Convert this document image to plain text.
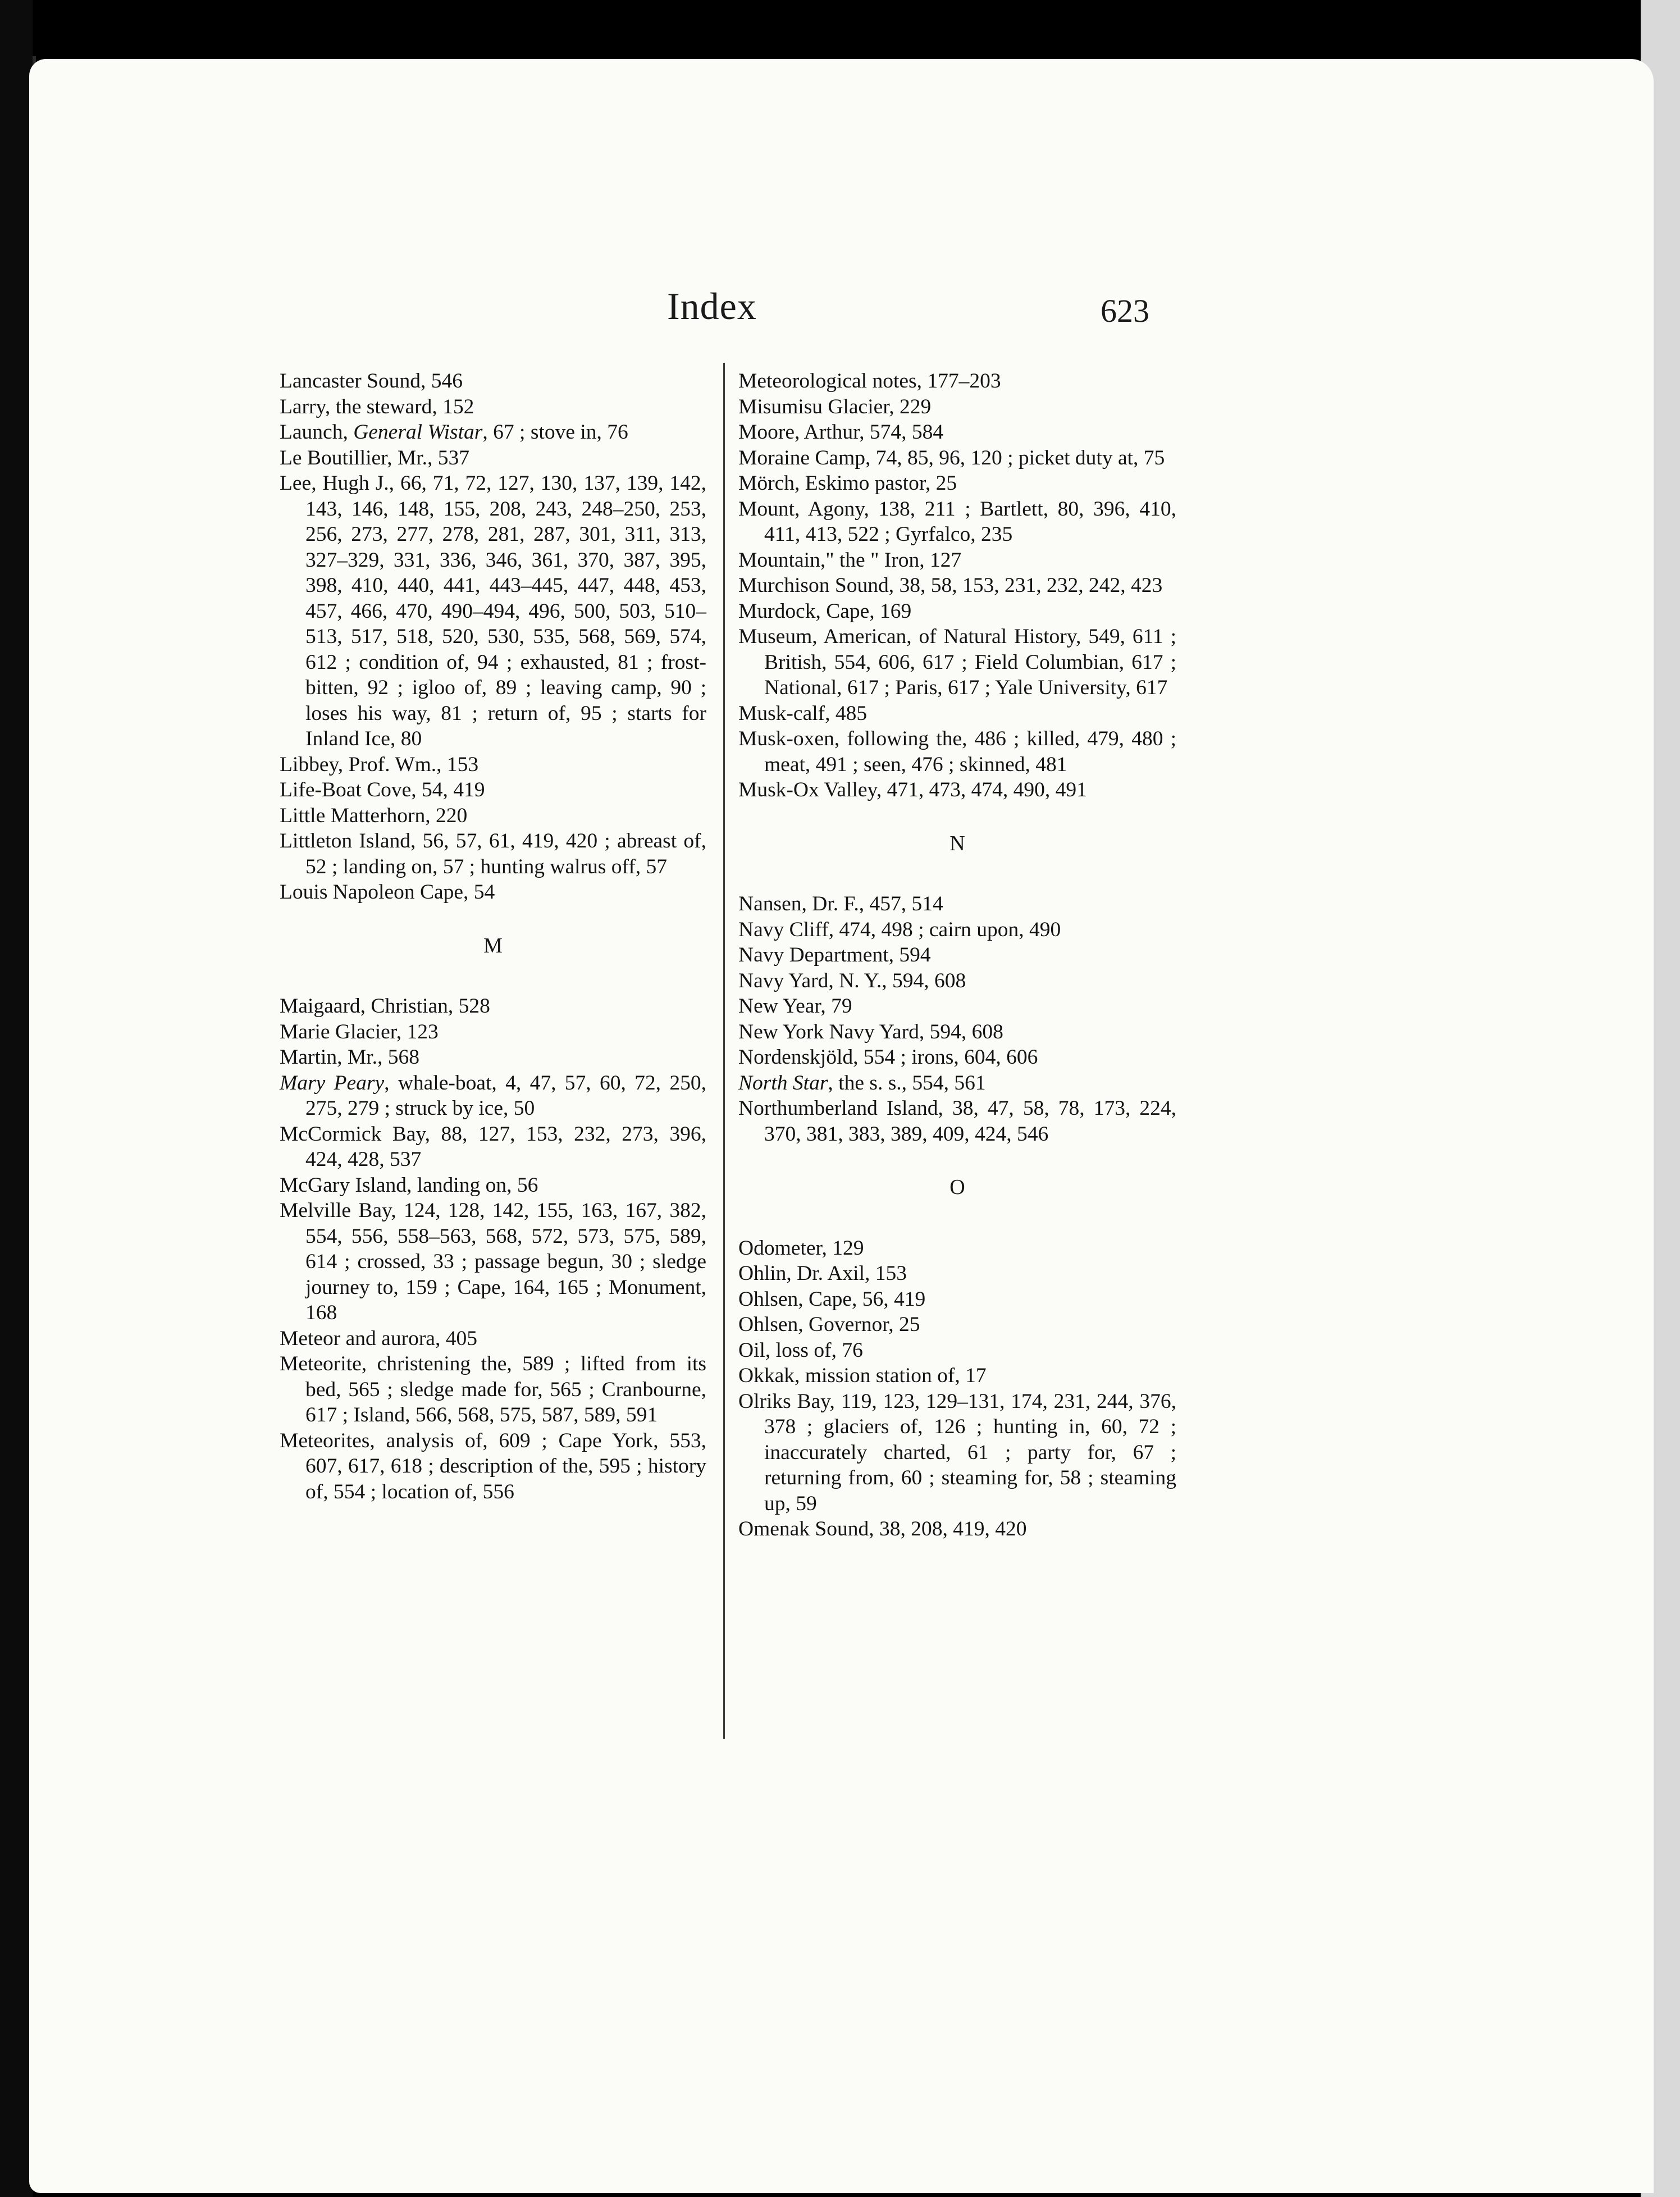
Index	623

Lancaster Sound, 546

Larry, the steward, 152

Launch, General Wistar, 67 ; stove in, 76

Le Boutillier, Mr., 537

Lee, Hugh J., 66, 71, 72, 127, 130, 137, 139, 142, 143, 146, 148, 155, 208, 243, 248–250, 253, 256, 273, 277, 278, 281, 287, 301, 311, 313, 327–329, 331, 336, 346, 361, 370, 387, 395, 398, 410, 440, 441, 443–445, 447, 448, 453, 457, 466, 470, 490–494, 496, 500, 503, 510–513, 517, 518, 520, 530, 535, 568, 569, 574, 612 ; condition of, 94 ; exhausted, 81 ; frost-bitten, 92 ; igloo of, 89 ; leaving camp, 90 ; loses his way, 81 ; return of, 95 ; starts for Inland Ice, 80

Libbey, Prof. Wm., 153

Life-Boat Cove, 54, 419

Little Matterhorn, 220

Littleton Island, 56, 57, 61, 419, 420 ; abreast of, 52 ; landing on, 57 ; hunting walrus off, 57

Louis Napoleon Cape, 54

M

Maigaard, Christian, 528

Marie Glacier, 123

Martin, Mr., 568

Mary Peary, whale-boat, 4, 47, 57, 60, 72, 250, 275, 279 ; struck by ice, 50

McCormick Bay, 88, 127, 153, 232, 273, 396, 424, 428, 537

McGary Island, landing on, 56

Melville Bay, 124, 128, 142, 155, 163, 167, 382, 554, 556, 558–563, 568, 572, 573, 575, 589, 614 ; crossed, 33 ; passage begun, 30 ; sledge journey to, 159 ; Cape, 164, 165 ; Monument, 168

Meteor and aurora, 405

Meteorite, christening the, 589 ; lifted from its bed, 565 ; sledge made for, 565 ; Cranbourne, 617 ; Island, 566, 568, 575, 587, 589, 591

Meteorites, analysis of, 609 ; Cape York, 553, 607, 617, 618 ; description of the, 595 ; history of, 554 ; location of, 556

Meteorological notes, 177–203

Misumisu Glacier, 229

Moore, Arthur, 574, 584

Moraine Camp, 74, 85, 96, 120 ; picket duty at, 75

Mörch, Eskimo pastor, 25

Mount, Agony, 138, 211 ; Bartlett, 80, 396, 410, 411, 413, 522 ; Gyrfalco, 235

Mountain," the " Iron, 127

Murchison Sound, 38, 58, 153, 231, 232, 242, 423

Murdock, Cape, 169

Museum, American, of Natural History, 549, 611 ; British, 554, 606, 617 ; Field Columbian, 617 ; National, 617 ; Paris, 617 ; Yale University, 617

Musk-calf, 485

Musk-oxen, following the, 486 ; killed, 479, 480 ; meat, 491 ; seen, 476 ; skinned, 481

Musk-Ox Valley, 471, 473, 474, 490, 491

N

Nansen, Dr. F., 457, 514

Navy Cliff, 474, 498 ; cairn upon, 490

Navy Department, 594

Navy Yard, N. Y., 594, 608

New Year, 79

New York Navy Yard, 594, 608

Nordenskjöld, 554 ; irons, 604, 606

North Star, the s. s., 554, 561

Northumberland Island, 38, 47, 58, 78, 173, 224, 370, 381, 383, 389, 409, 424, 546

O

Odometer, 129

Ohlin, Dr. Axil, 153

Ohlsen, Cape, 56, 419

Ohlsen, Governor, 25

Oil, loss of, 76

Okkak, mission station of, 17

Olriks Bay, 119, 123, 129–131, 174, 231, 244, 376, 378 ; glaciers of, 126 ; hunting in, 60, 72 ; inaccurately charted, 61 ; party for, 67 ; returning from, 60 ; steaming for, 58 ; steaming up, 59

Omenak Sound, 38, 208, 419, 420
